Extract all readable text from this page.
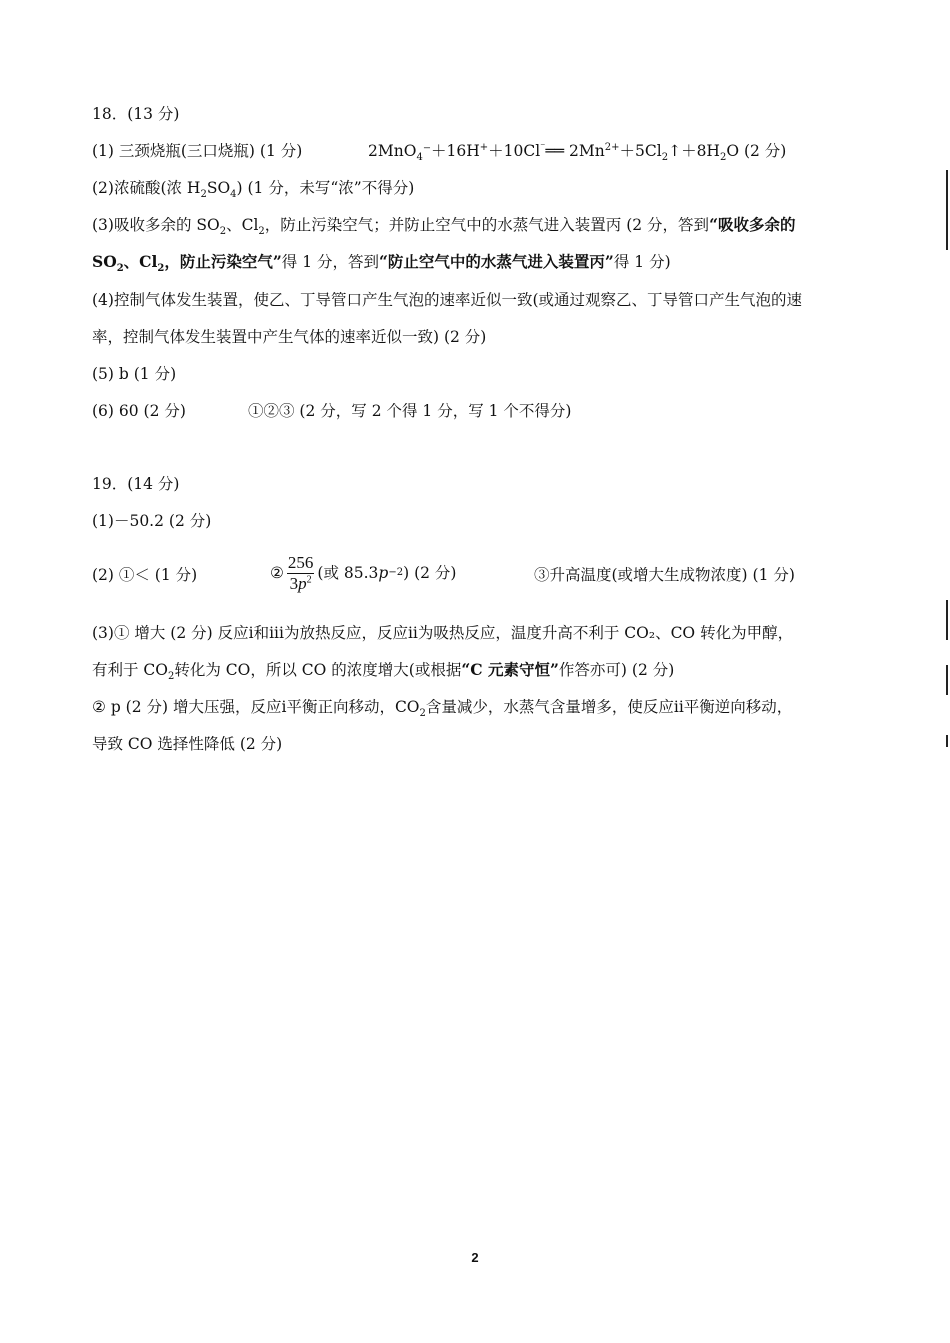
18．(13 分)
(1) 三颈烧瓶(三口烧瓶) (1 分)	2MnO$_4$⁻＋16H+＋10Cl⁻══ $2Mn^{2+}+5Cl_2↑+8H_2O$ (2 分)
(2)浓硫酸(浓 $H_2SO_4$) (1 分，未写“浓”不得分)
(3)吸收多余的 $SO_2$、$Cl_2$，防止污染空气；并防止空气中的水蒸气进入装置丙 (2 分，答到“吸收多余的
$SO_2$、$Cl_2$，防止污染空气”得 1 分，答到“防止空气中的水蒸气进入装置丙”得 1 分)
(4)控制气体发生装置，使乙、丁导管口产生气泡的速率近似一致(或通过观察乙、丁导管口产生气泡的速
率，控制气体发生装置中产生气体的速率近似一致) (2 分)
(5) b (1 分)
(6) 60 (2 分)	①②③ (2 分，写 2 个得 1 分，写 1 个不得分)
19．(14 分)
(1)－50.2 (2 分)
(2) ①＜ (1 分)	② $\frac{256}{3p^2}$ (或 85.3 p −2 ) (2 分)	③升高温度(或增大生成物浓度) (1 分)
(3)① 增大 (2 分) 反应i和iii为放热反应，反应ii为吸热反应，温度升高不利于 CO₂、CO 转化为甲醇，
有利于 $CO_2$转化为 CO，所以 CO 的浓度增大(或根据“C 元素守恒”作答亦可) (2 分)
② p (2 分) 增大压强，反应i平衡正向移动，$CO_2$含量减少，水蒸气含量增多，使反应ii平衡逆向移动，
导致 CO 选择性降低 (2 分)
2
